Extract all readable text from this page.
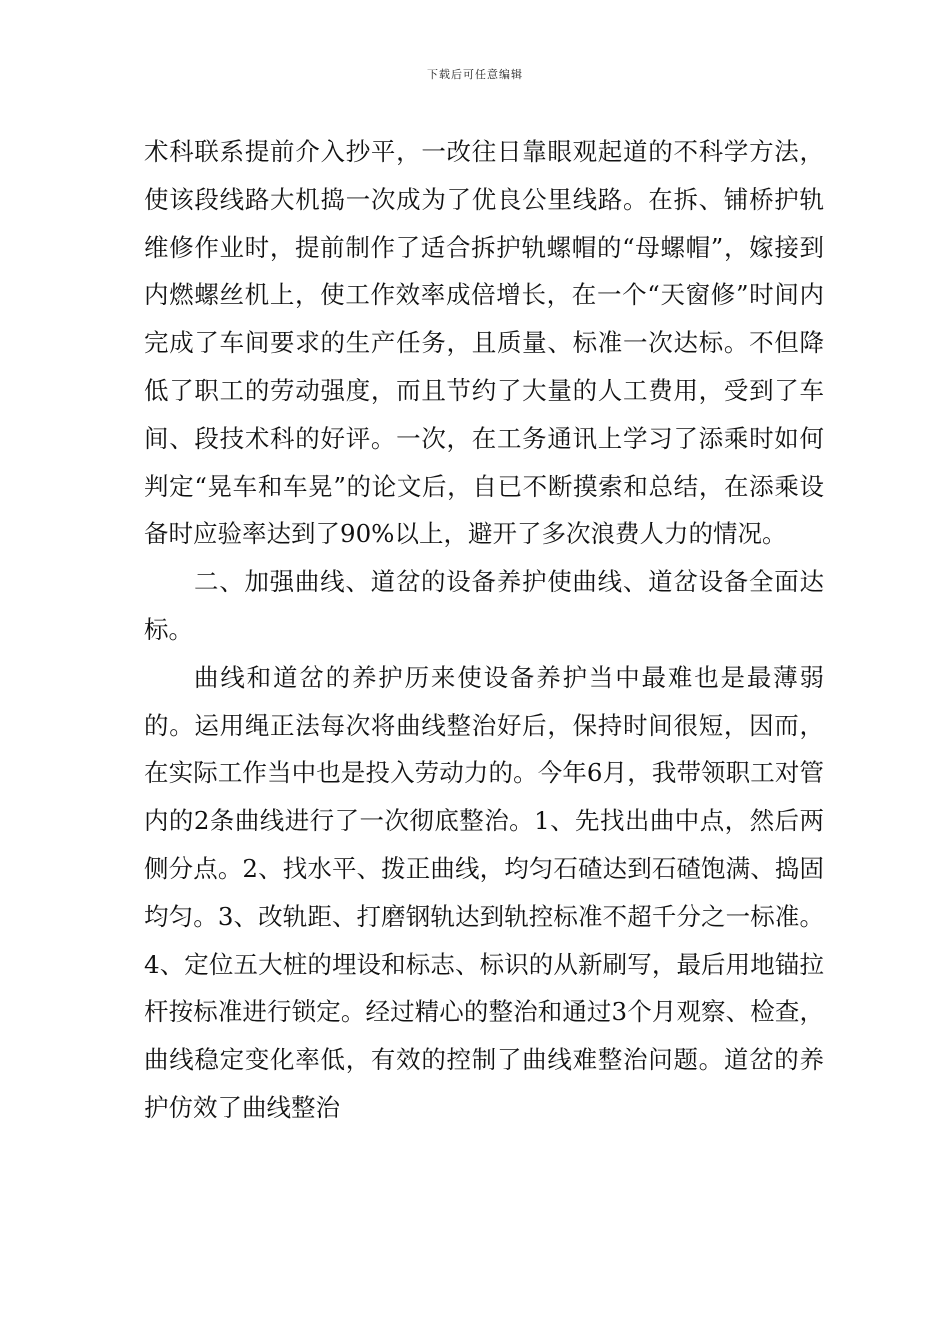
下载后可任意编辑

术科联系提前介入抄平，一改往日靠眼观起道的不科学方法，使该段线路大机捣一次成为了优良公里线路。在拆、铺桥护轨维修作业时，提前制作了适合拆护轨螺帽的“母螺帽”，嫁接到内燃螺丝机上，使工作效率成倍增长，在一个“天窗修”时间内完成了车间要求的生产任务，且质量、标准一次达标。不但降低了职工的劳动强度，而且节约了大量的人工费用，受到了车间、段技术科的好评。一次，在工务通讯上学习了添乘时如何判定“晃车和车晃”的论文后，自已不断摸索和总结，在添乘设备时应验率达到了90%以上，避开了多次浪费人力的情况。

二、加强曲线、道岔的设备养护使曲线、道岔设备全面达标。

曲线和道岔的养护历来使设备养护当中最难也是最薄弱的。运用绳正法每次将曲线整治好后，保持时间很短，因而，在实际工作当中也是投入劳动力的。今年6月，我带领职工对管内的2条曲线进行了一次彻底整治。1、先找出曲中点，然后两侧分点。2、找水平、拨正曲线，均匀石碴达到石碴饱满、捣固均匀。3、改轨距、打磨钢轨达到轨控标准不超千分之一标准。4、定位五大桩的埋设和标志、标识的从新刷写，最后用地锚拉杆按标准进行锁定。经过精心的整治和通过3个月观察、检查，曲线稳定变化率低，有效的控制了曲线难整治问题。道岔的养护仿效了曲线整治
